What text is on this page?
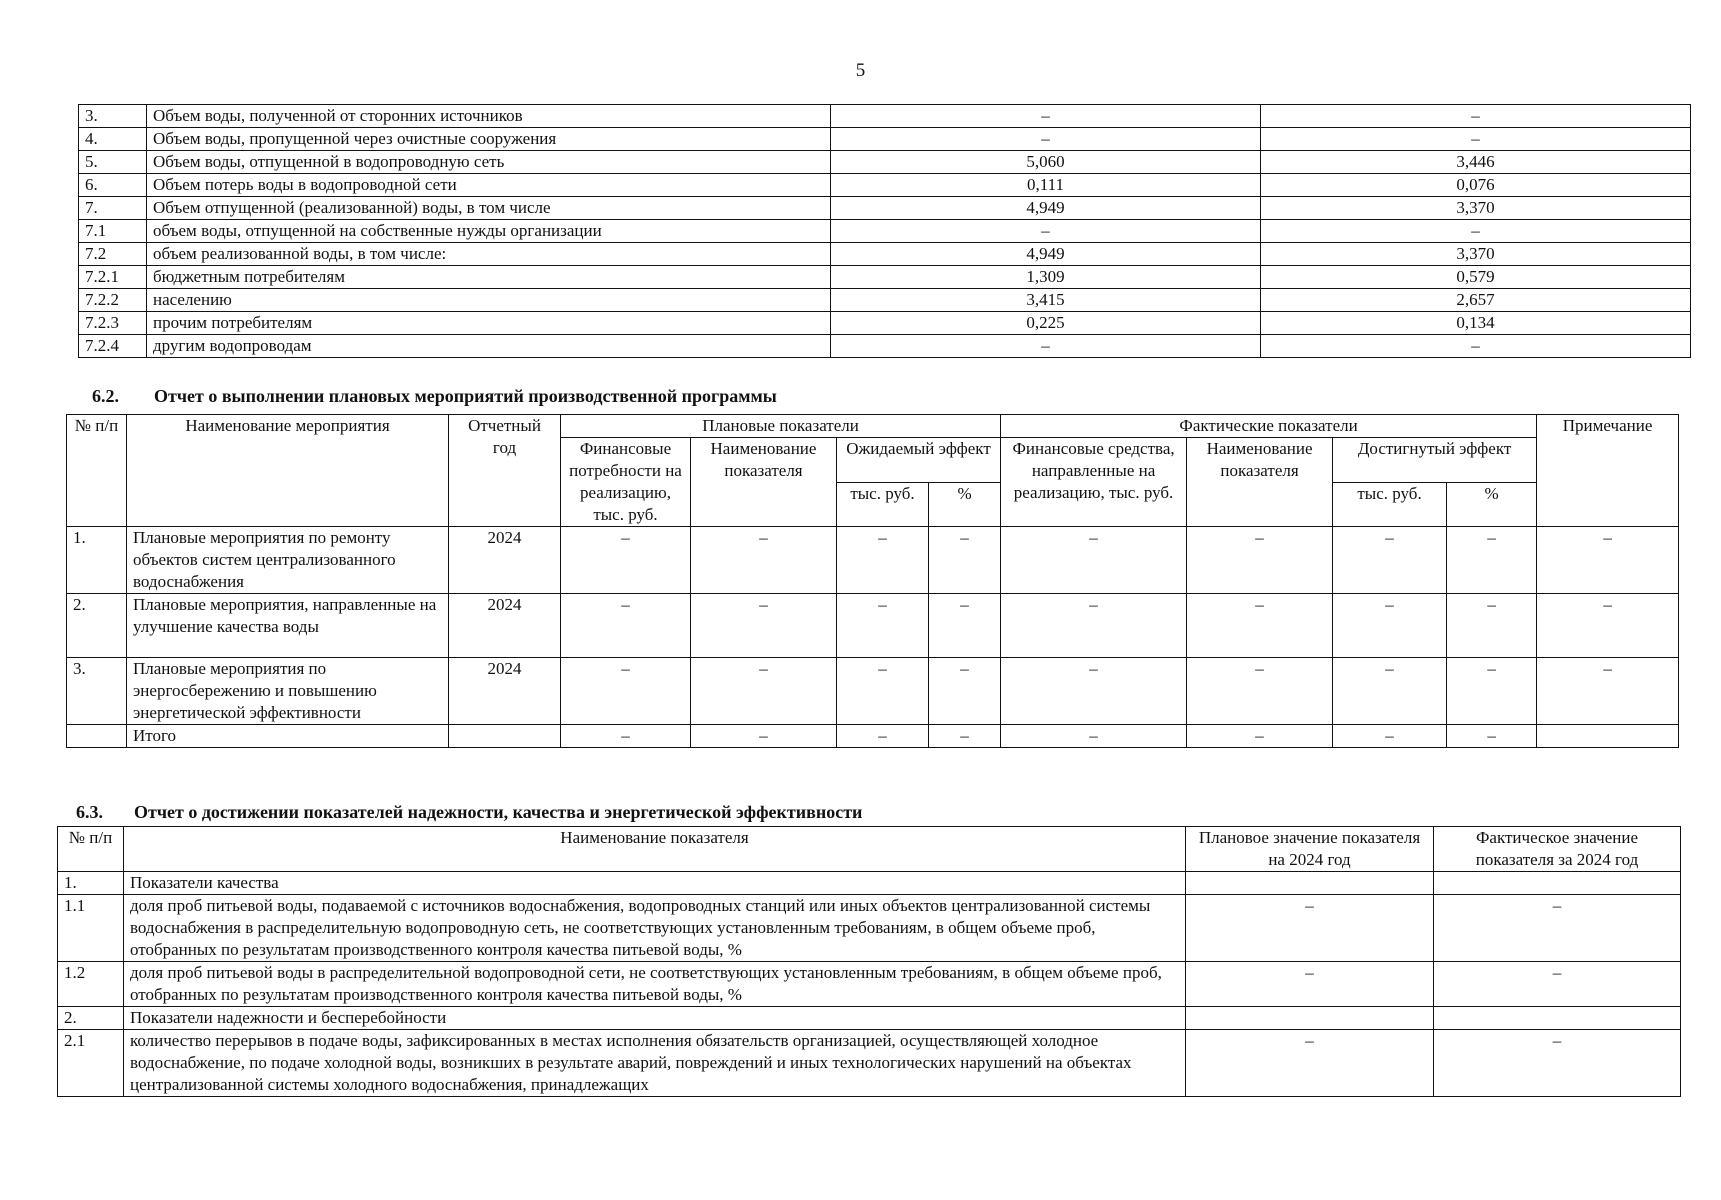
5
3.	Объем воды, полученной от сторонних источников	–	–
4.	Объем воды, пропущенной через очистные сооружения	–	–
5.	Объем воды, отпущенной в водопроводную сеть	5,060	3,446
6.	Объем потерь воды в водопроводной сети	0,111	0,076
7.	Объем отпущенной (реализованной) воды, в том числе	4,949	3,370
7.1	объем воды, отпущенной на собственные нужды организации	–	–
7.2	объем реализованной воды, в том числе:	4,949	3,370
7.2.1	бюджетным потребителям	1,309	0,579
7.2.2	населению	3,415	2,657
7.2.3	прочим потребителям	0,225	0,134
7.2.4	другим водопроводам	–	–
6.2. Отчет о выполнении плановых мероприятий производственной программы
№ п/п	Наименование мероприятия	Отчетный год	Плановые показатели				Фактические показатели				Примечание
			Финансовые потребности на реализацию, тыс. руб.	Наименование показателя	Ожидаемый эффект		Финансовые средства, направленные на реализацию, тыс. руб.	Наименование показателя	Достигнутый эффект		
					тыс. руб.	%			тыс. руб.	%	
1.	Плановые мероприятия по ремонту объектов систем централизованного водоснабжения	2024	–	–	–	–	–	–	–	–	–
2.	Плановые мероприятия, направленные на улучшение качества воды	2024	–	–	–	–	–	–	–	–	–
3.	Плановые мероприятия по энергосбережению и повышению энергетической эффективности	2024	–	–	–	–	–	–	–	–	–
	Итого		–	–	–	–	–	–	–	–	
6.3. Отчет о достижении показателей надежности, качества и энергетической эффективности
№ п/п	Наименование показателя	Плановое значение показателя на 2024 год	Фактическое значение показателя за 2024 год
1.	Показатели качества		
1.1	доля проб питьевой воды, подаваемой с источников водоснабжения, водопроводных станций или иных объектов централизованной системы водоснабжения в распределительную водопроводную сеть, не соответствующих установленным требованиям, в общем объеме проб, отобранных по результатам производственного контроля качества питьевой воды, %	–	–
1.2	доля проб питьевой воды в распределительной водопроводной сети, не соответствующих установленным требованиям, в общем объеме проб, отобранных по результатам производственного контроля качества питьевой воды, %	–	–
2.	Показатели надежности и бесперебойности		
2.1	количество перерывов в подаче воды, зафиксированных в местах исполнения обязательств организацией, осуществляющей холодное водоснабжение, по подаче холодной воды, возникших в результате аварий, повреждений и иных технологических нарушений на объектах централизованной системы холодного водоснабжения, принадлежащих	–	–
